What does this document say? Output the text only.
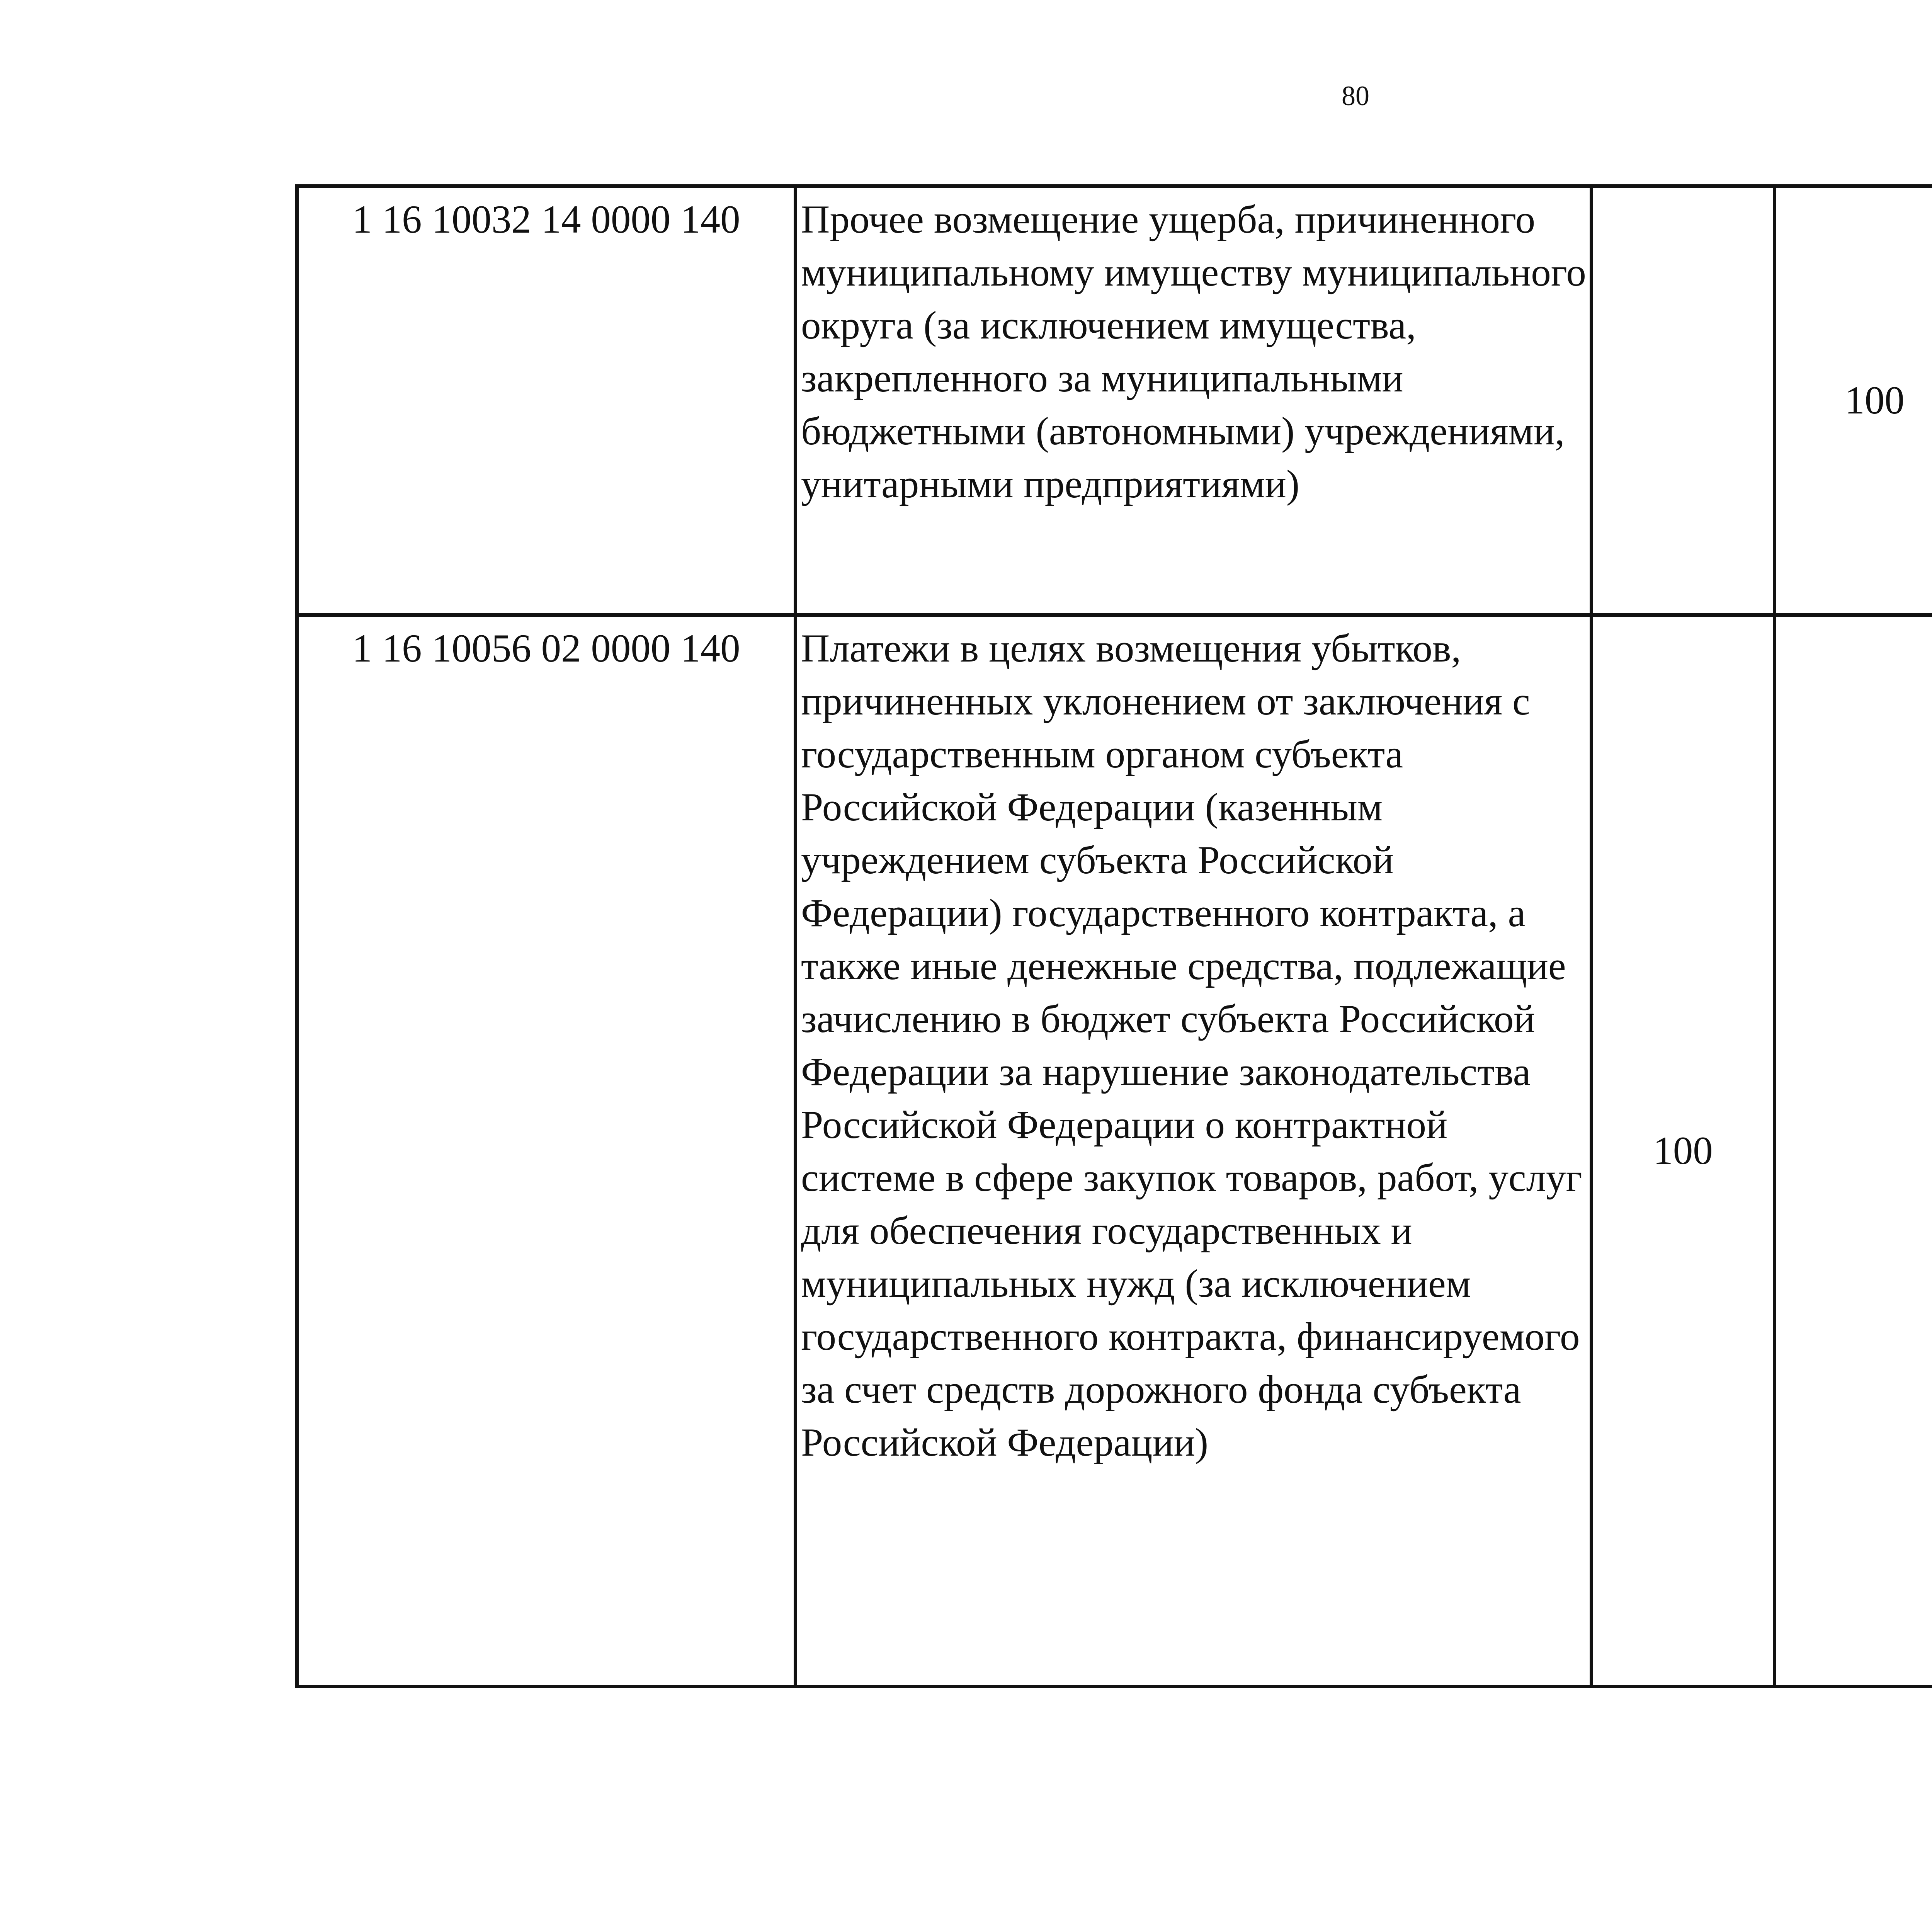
80
1 16 10032 14 0000 140	Прочее возмещение ущерба, причиненного муниципальному имуществу муниципального округа (за исключением имущества, закрепленного за муниципальными бюджетными (автономными) учреждениями, унитарными предприятиями)		100			
1 16 10056 02 0000 140	Платежи в целях возмещения убытков, причиненных уклонением от заключения с государственным органом субъекта Российской Федерации (казенным учреждением субъекта Российской Федерации) государственного контракта, а также иные денежные средства, подлежащие зачислению в бюджет субъекта Российской Федерации за нарушение законодательства Российской Федерации о контрактной системе в сфере закупок товаров, работ, услуг для обеспечения государственных и муниципальных нужд (за исключением государственного контракта, финансируемого за счет средств дорожного фонда субъекта Российской Федерации)	100				
